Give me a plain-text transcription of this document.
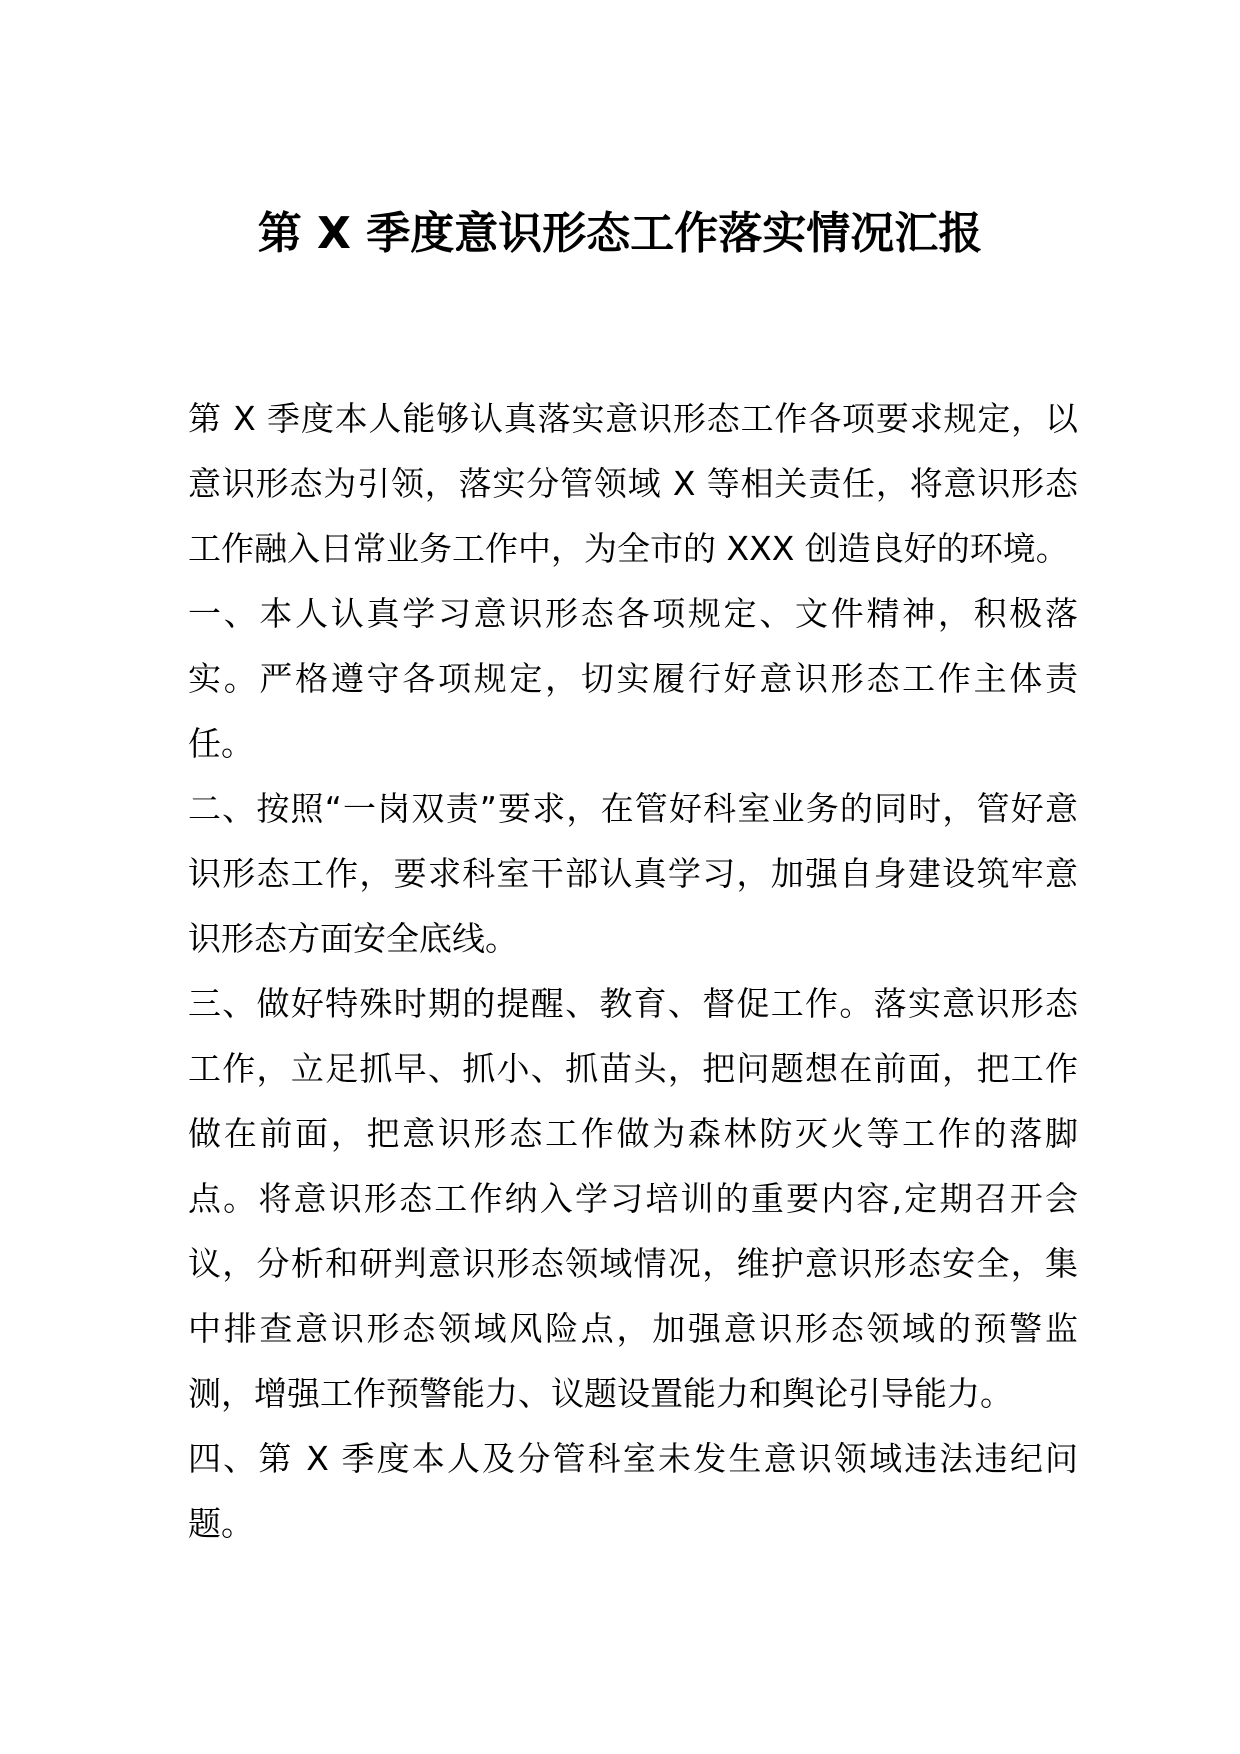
第 X 季度意识形态工作落实情况汇报

第 X 季度本人能够认真落实意识形态工作各项要求规定，以意识形态为引领，落实分管领域 X 等相关责任，将意识形态工作融入日常业务工作中，为全市的 XXX 创造良好的环境。

一、本人认真学习意识形态各项规定、文件精神，积极落实。严格遵守各项规定，切实履行好意识形态工作主体责任。

二、按照“一岗双责”要求，在管好科室业务的同时，管好意识形态工作，要求科室干部认真学习，加强自身建设筑牢意识形态方面安全底线。

三、做好特殊时期的提醒、教育、督促工作。落实意识形态工作，立足抓早、抓小、抓苗头，把问题想在前面，把工作做在前面，把意识形态工作做为森林防灭火等工作的落脚点。将意识形态工作纳入学习培训的重要内容,定期召开会议，分析和研判意识形态领域情况，维护意识形态安全，集中排查意识形态领域风险点，加强意识形态领域的预警监测，增强工作预警能力、议题设置能力和舆论引导能力。

四、第 X 季度本人及分管科室未发生意识领域违法违纪问题。
